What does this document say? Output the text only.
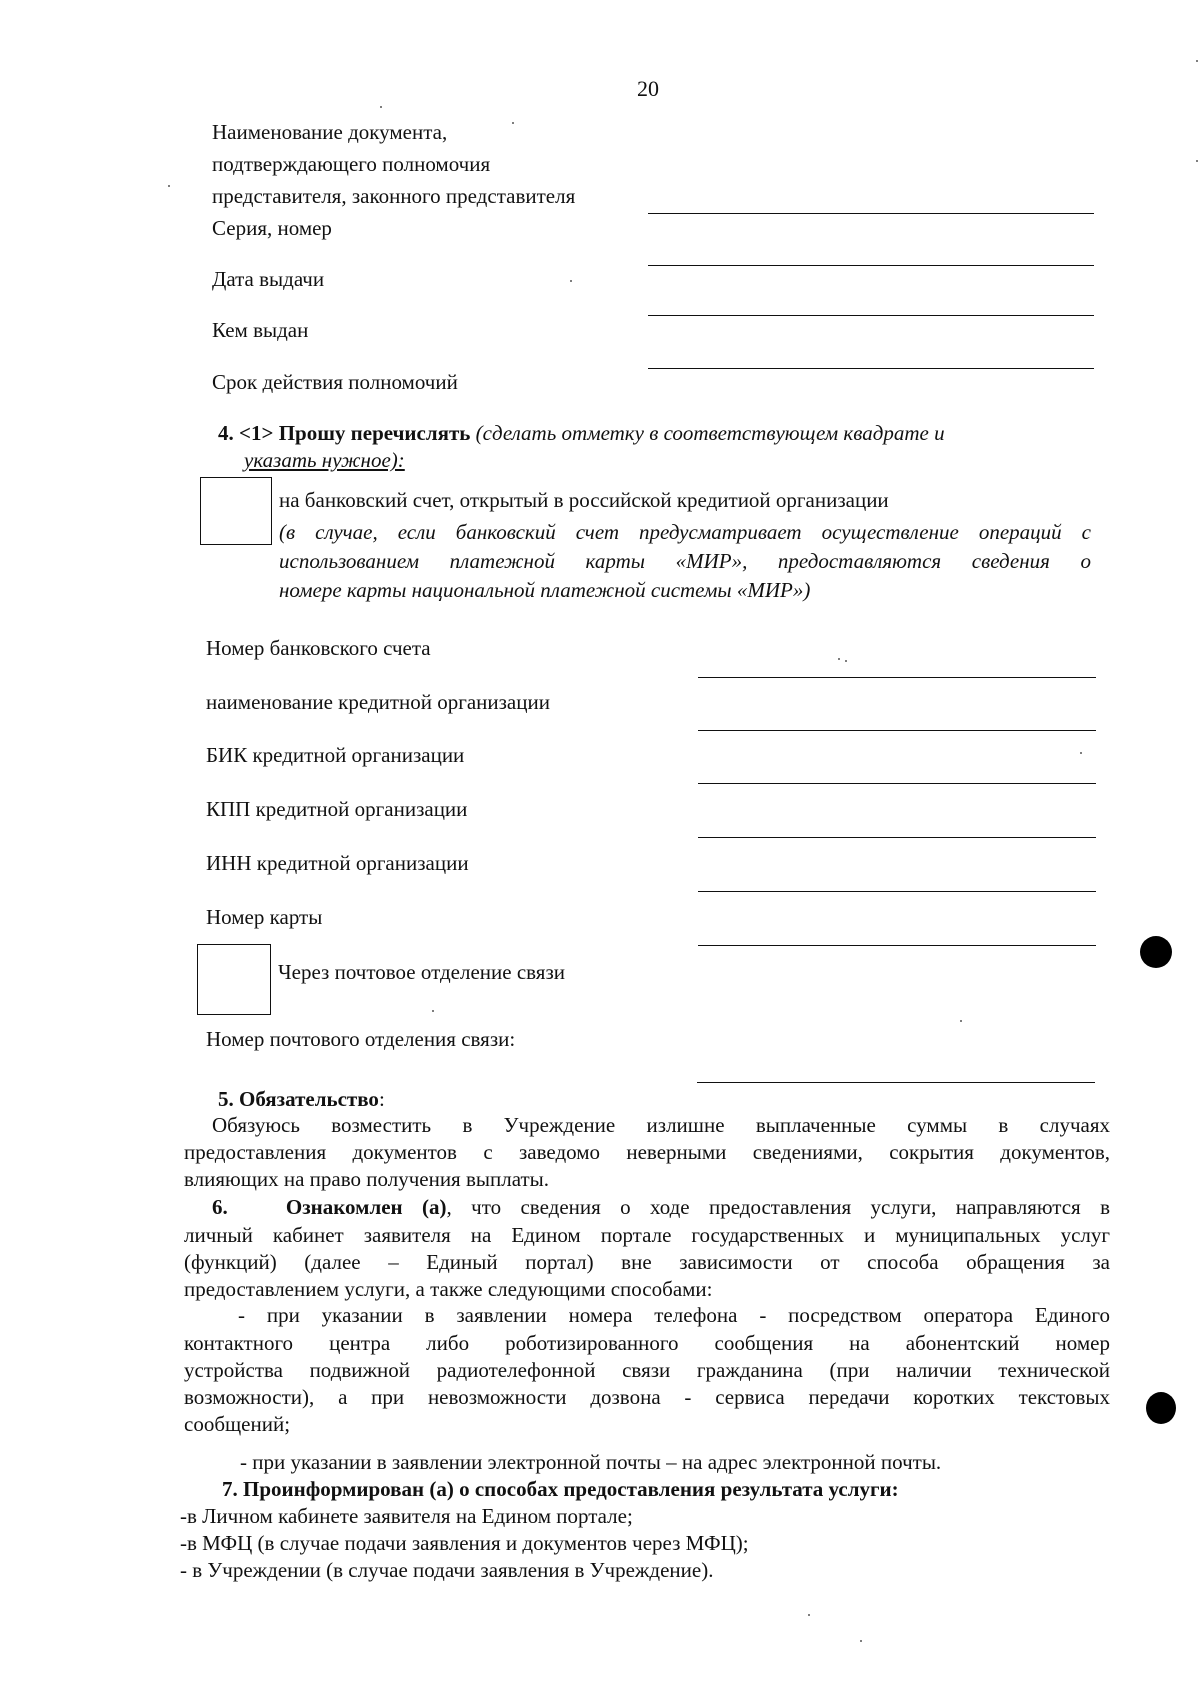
20
Наименование документа,
подтверждающего полномочия
представителя, законного представителя
Серия, номер
Дата выдачи
Кем выдан
Срок действия полномочий
4. <1> Прошу перечислять (сделать отметку в соответствующем квадрате и
указать нужное):
на банковский счет, открытый в российской кредитиой организации
(в случае, если банковский счет предусматривает осуществление операций с
использованием платежной карты «МИР», предоставляются сведения о
номере карты национальной платежной системы «МИР»)
Номер банковского счета
наименование кредитной организации
БИК кредитной организации
КПП кредитной организации
ИНН кредитной организации
Номер карты
Через почтовое отделение связи
Номер почтового отделения связи:
5. Обязательство:
Обязуюсь возместить в Учреждение излишне выплаченные суммы в случаях
предоставления документов с заведомо неверными сведениями, сокрытия документов,
влияющих на право получения выплаты.
6.	Ознакомлен (а), что сведения о ходе предоставления услуги, направляются в
личный кабинет заявителя на Едином портале государственных и муниципальных услуг
(функций) (далее – Единый портал) вне зависимости от способа обращения за
предоставлением услуги, а также следующими способами:
- при указании в заявлении номера телефона - посредством оператора Единого
контактного центра либо роботизированного сообщения на абонентский номер
устройства подвижной радиотелефонной связи гражданина (при наличии технической
возможности), а при невозможности дозвона - сервиса передачи коротких текстовых
сообщений;
- при указании в заявлении электронной почты – на адрес электронной почты.
7. Проинформирован (а) о способах предоставления результата услуги:
-в Личном кабинете заявителя на Едином портале;
-в МФЦ (в случае подачи заявления и документов через МФЦ);
- в Учреждении (в случае подачи заявления в Учреждение).
